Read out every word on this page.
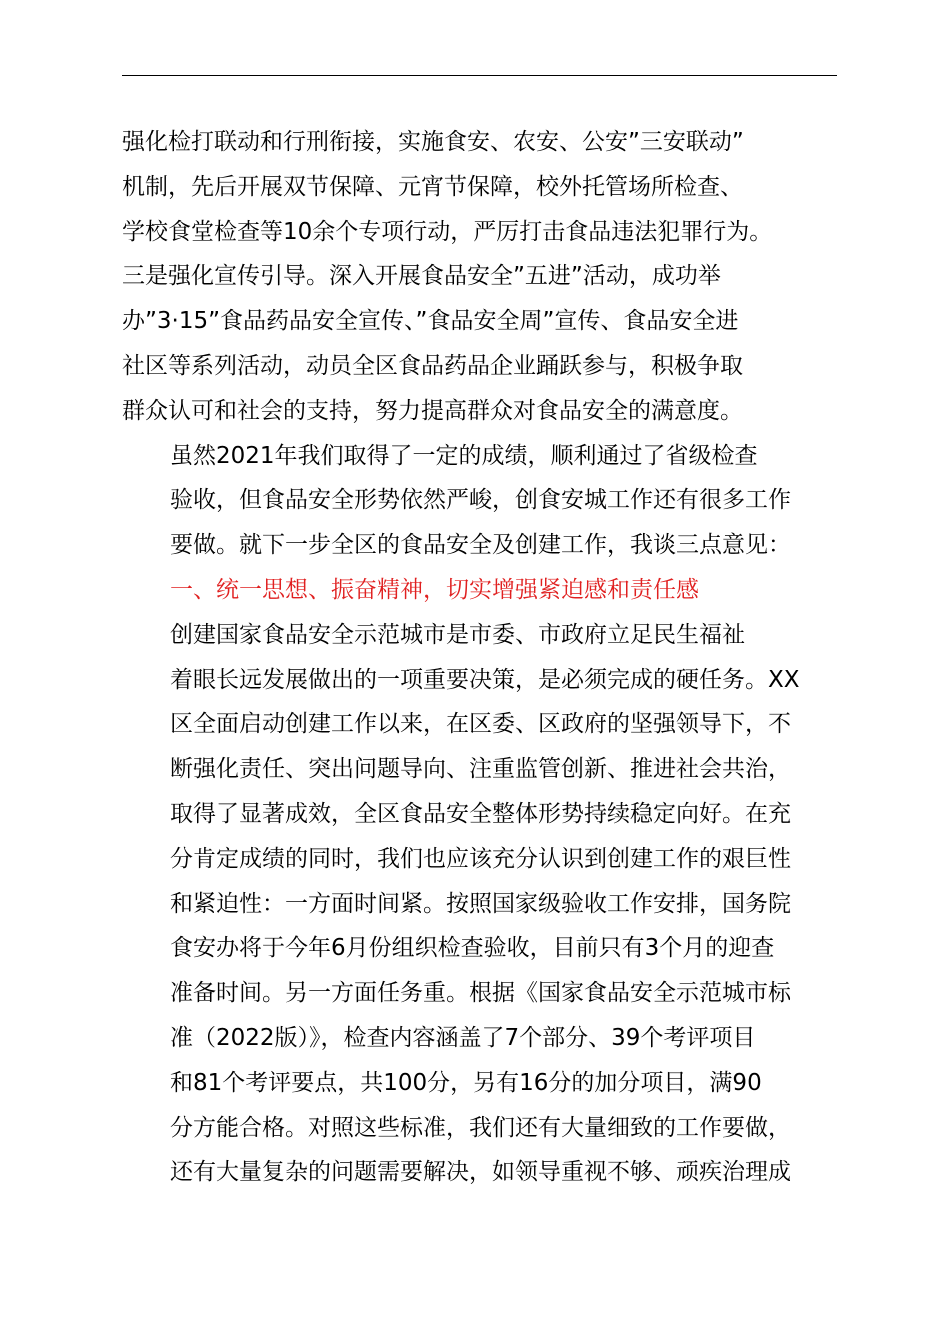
强化检打联动和行刑衔接，实施食安、农安、公安”三安联动”
机制，先后开展双节保障、元宵节保障，校外托管场所检查、
学校食堂检查等10余个专项行动，严厉打击食品违法犯罪行为。
三是强化宣传引导。深入开展食品安全”五进”活动，成功举
办”3·15”食品药品安全宣传、”食品安全周”宣传、食品安全进
社区等系列活动，动员全区食品药品企业踊跃参与，积极争取
群众认可和社会的支持，努力提高群众对食品安全的满意度。
虽然2021年我们取得了一定的成绩，顺利通过了省级检查
验收，但食品安全形势依然严峻，创食安城工作还有很多工作
要做。就下一步全区的食品安全及创建工作，我谈三点意见：
一、统一思想、振奋精神，切实增强紧迫感和责任感
创建国家食品安全示范城市是市委、市政府立足民生福祉
着眼长远发展做出的一项重要决策，是必须完成的硬任务。XX
区全面启动创建工作以来，在区委、区政府的坚强领导下，不
断强化责任、突出问题导向、注重监管创新、推进社会共治，
取得了显著成效，全区食品安全整体形势持续稳定向好。在充
分肯定成绩的同时，我们也应该充分认识到创建工作的艰巨性
和紧迫性：一方面时间紧。按照国家级验收工作安排，国务院
食安办将于今年6月份组织检查验收，目前只有3个月的迎查
准备时间。另一方面任务重。根据《国家食品安全示范城市标
准（2022版）》，检查内容涵盖了7个部分、39个考评项目
和81个考评要点，共100分，另有16分的加分项目，满90
分方能合格。对照这些标准，我们还有大量细致的工作要做，
还有大量复杂的问题需要解决，如领导重视不够、顽疾治理成
